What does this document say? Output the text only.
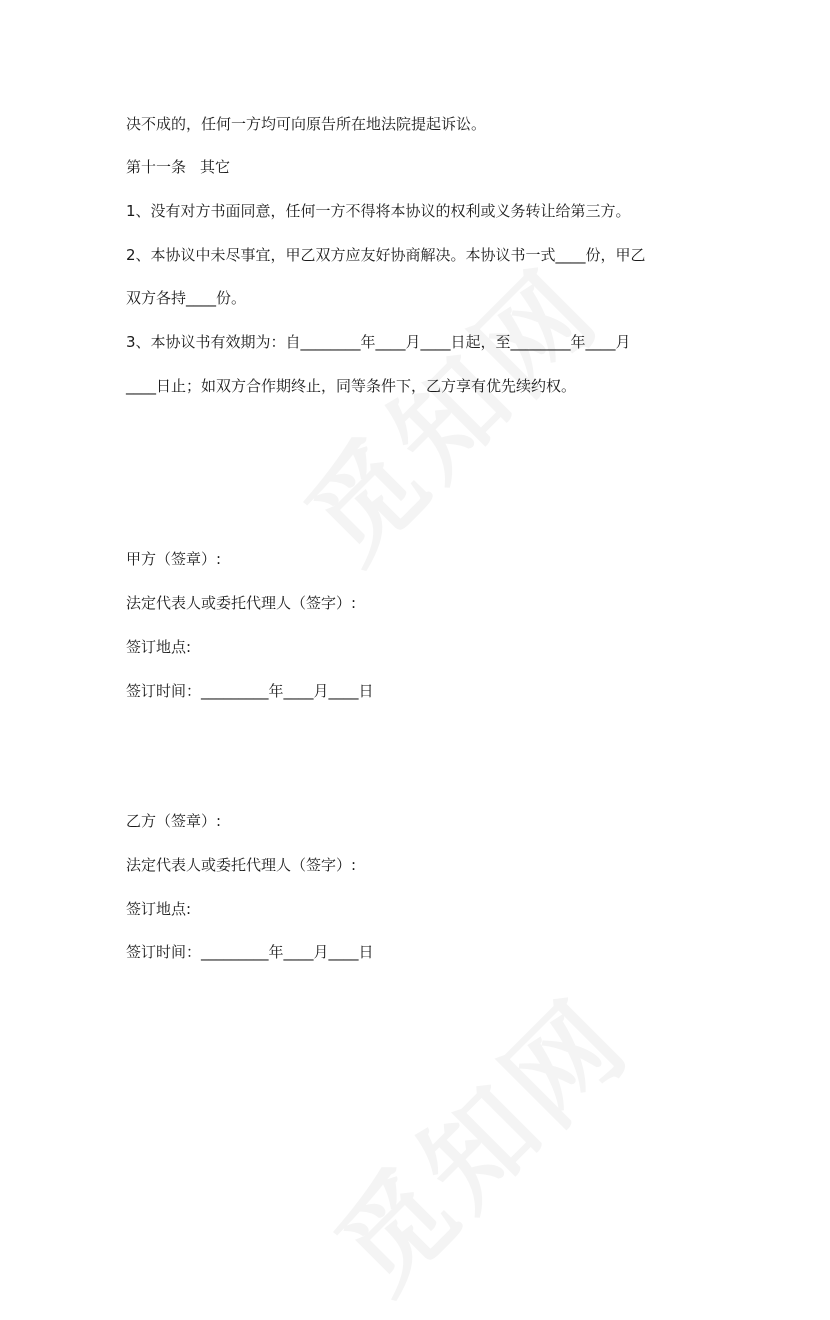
决不成的，任何一方均可向原告所在地法院提起诉讼。
第十一条 其它
1、没有对方书面同意，任何一方不得将本协议的权利或义务转让给第三方。
2、本协议中未尽事宜，甲乙双方应友好协商解决。本协议书一式____份，甲乙
双方各持____份。
3、本协议书有效期为：自________年____月____日起，至________年____月
____日止；如双方合作期终止，同等条件下，乙方享有优先续约权。
甲方（签章）:
法定代表人或委托代理人（签字）:
签订地点:
签订时间：_________年____月____日
乙方（签章）:
法定代表人或委托代理人（签字）:
签订地点:
签订时间：_________年____月____日
